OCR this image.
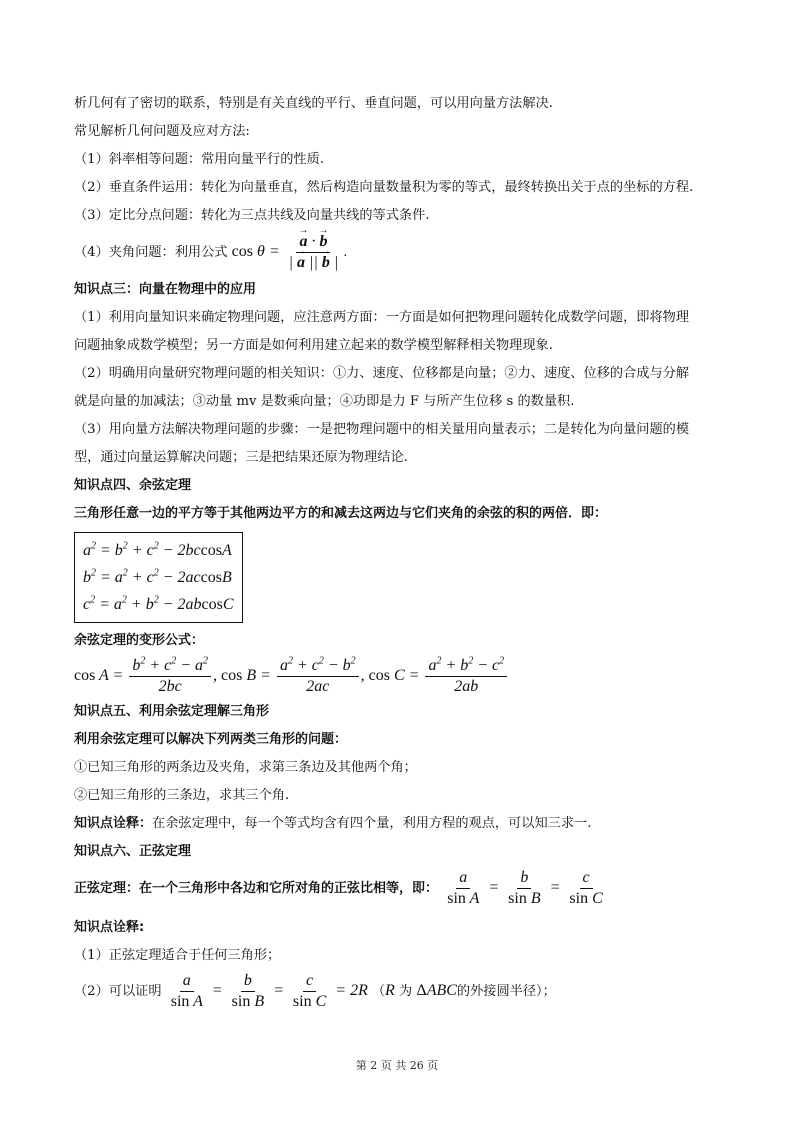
析几何有了密切的联系，特别是有关直线的平行、垂直问题，可以用向量方法解决.
常见解析几何问题及应对方法:
（1）斜率相等问题：常用向量平行的性质.
（2）垂直条件运用：转化为向量垂直，然后构造向量数量积为零的等式，最终转换出关于点的坐标的方程.
（3）定比分点问题：转化为三点共线及向量共线的等式条件.
（4）夹角问题：利用公式 cos θ =
→ $\frac{a \cdot \to b}{| \to a || \to b |}$ .
知识点三：向量在物理中的应用
（1）利用向量知识来确定物理问题，应注意两方面：一方面是如何把物理问题转化成数学问题，即将物理
问题抽象成数学模型；另一方面是如何利用建立起来的数学模型解释相关物理现象.
（2）明确用向量研究物理问题的相关知识：①力、速度、位移都是向量；②力、速度、位移的合成与分解
就是向量的加减法；③动量 mv 是数乘向量；④功即是力 F 与所产生位移 s 的数量积.
（3）用向量方法解决物理问题的步骤：一是把物理问题中的相关量用向量表示；二是转化为向量问题的模
型，通过向量运算解决问题；三是把结果还原为物理结论.
知识点四、余弦定理
三角形任意一边的平方等于其他两边平方的和减去这两边与它们夹角的余弦的积的两倍．即：
$a^2 = b^2 + c^2 - 2bccosA$
$b^2 = a^2 + c^2 - 2accosB$
$c^2 = a^2 + b^2 - 2abcosC$
余弦定理的变形公式：
$\cos A = \frac{b^2 + c^2 - a^2}{2bc}$ , $\cos B = \frac{a^2 + c^2 - b^2}{2ac}$ , $\cos C = \frac{a^2 + b^2 - c^2}{2ab}$
知识点五、利用余弦定理解三角形
利用余弦定理可以解决下列两类三角形的问题：
①已知三角形的两条边及夹角，求第三条边及其他两个角；
②已知三角形的三条边，求其三个角.
知识点诠释：在余弦定理中，每一个等式均含有四个量，利用方程的观点，可以知三求一.
知识点六、正弦定理
正弦定理：在一个三角形中各边和它所对角的正弦比相等，即： $\frac{a}{\text{sin A}} = \frac{b}{\text{sin B}} = \frac{c}{\text{sin C}}$
知识点诠释:
（1）正弦定理适合于任何三角形；
（2）可以证明 $\frac{a}{\text{sin A}} = \frac{b}{\text{sin B}} = \frac{c}{\text{sin C}} = 2R$ （R 为 ΔABC的外接圆半径）；
第 2 页 共 26 页
